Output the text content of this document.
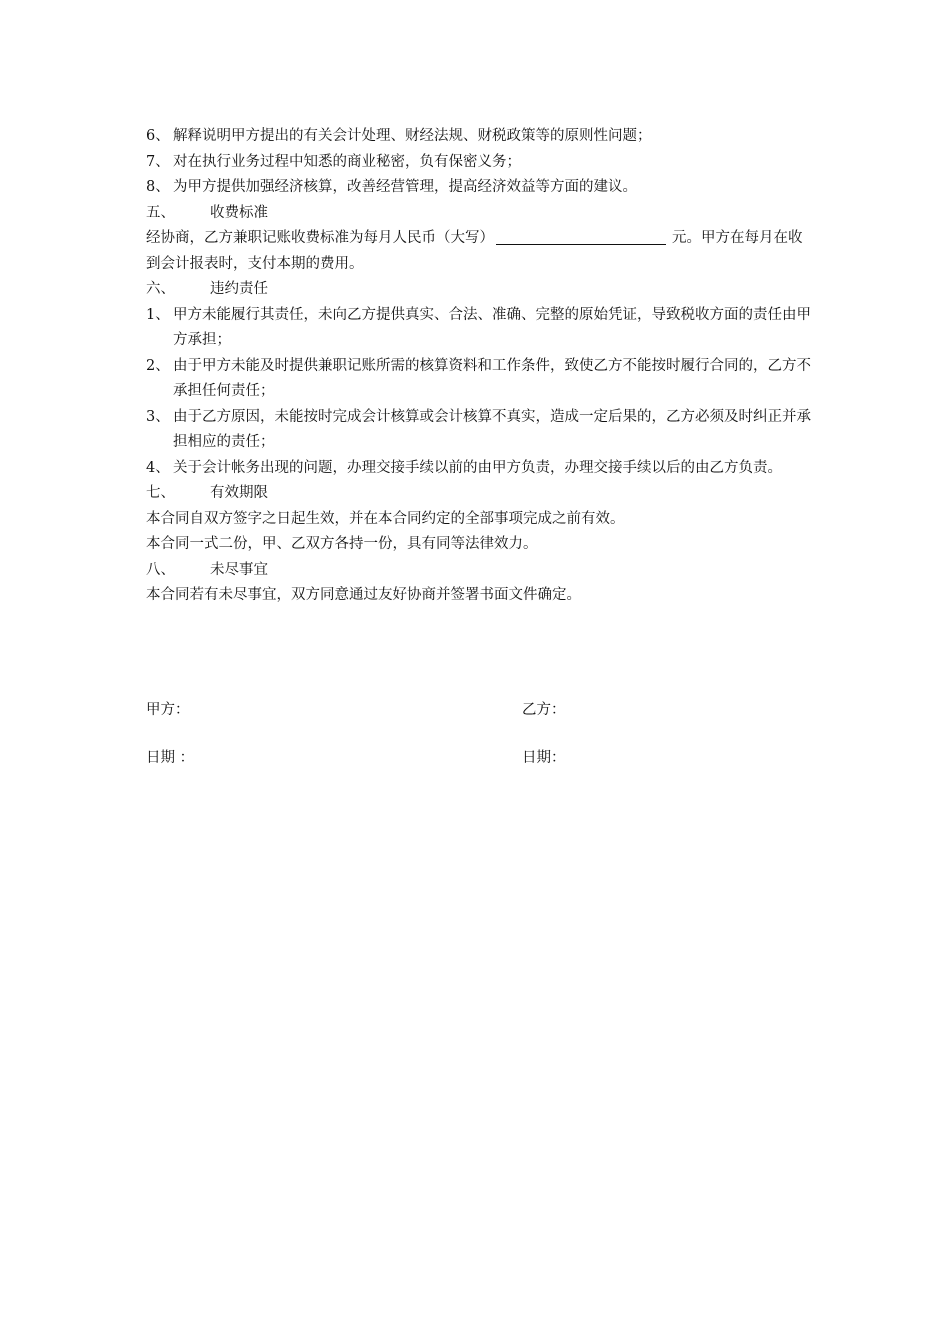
6、 解释说明甲方提出的有关会计处理、财经法规、财税政策等的原则性问题；
7、 对在执行业务过程中知悉的商业秘密，负有保密义务；
8、 为甲方提供加强经济核算，改善经营管理，提高经济效益等方面的建议。
五、 收费标准
经协商，乙方兼职记账收费标准为每月人民币（大写）	元。甲方在每月在收到会计报表时，支付本期的费用。
六、 违约责任
1、 甲方未能履行其责任，未向乙方提供真实、合法、准确、完整的原始凭证，导致税收方面的责任由甲方承担；
2、 由于甲方未能及时提供兼职记账所需的核算资料和工作条件，致使乙方不能按时履行合同的，乙方不承担任何责任；
3、 由于乙方原因，未能按时完成会计核算或会计核算不真实，造成一定后果的，乙方必须及时纠正并承担相应的责任；
4、 关于会计帐务出现的问题，办理交接手续以前的由甲方负责，办理交接手续以后的由乙方负责。
七、 有效期限
本合同自双方签字之日起生效，并在本合同约定的全部事项完成之前有效。
本合同一式二份，甲、乙双方各持一份，具有同等法律效力。
八、 未尽事宜
本合同若有未尽事宜，双方同意通过友好协商并签署书面文件确定。
甲方：	乙方：
日期 ：	日期：
